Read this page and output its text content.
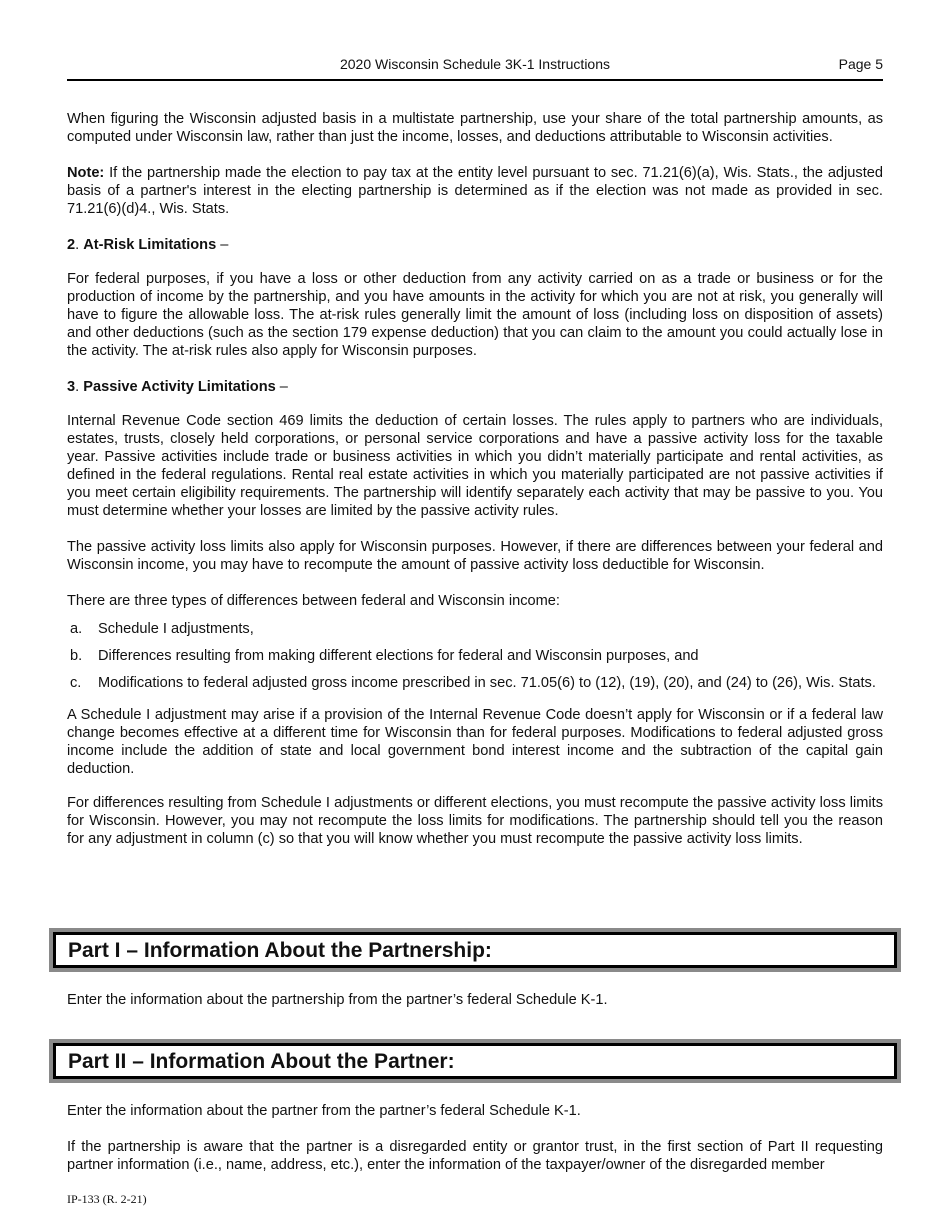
2020 Wisconsin Schedule 3K-1 Instructions	Page 5

When figuring the Wisconsin adjusted basis in a multistate partnership, use your share of the total partnership amounts, as computed under Wisconsin law, rather than just the income, losses, and deductions attributable to Wisconsin activities.

Note: If the partnership made the election to pay tax at the entity level pursuant to sec. 71.21(6)(a), Wis. Stats., the adjusted basis of a partner's interest in the electing partnership is determined as if the election was not made as provided in sec. 71.21(6)(d)4., Wis. Stats.

2. At-Risk Limitations –

For federal purposes, if you have a loss or other deduction from any activity carried on as a trade or business or for the production of income by the partnership, and you have amounts in the activity for which you are not at risk, you generally will have to figure the allowable loss. The at-risk rules generally limit the amount of loss (including loss on disposition of assets) and other deductions (such as the section 179 expense deduction) that you can claim to the amount you could actually lose in the activity. The at-risk rules also apply for Wisconsin purposes.

3. Passive Activity Limitations –

Internal Revenue Code section 469 limits the deduction of certain losses. The rules apply to partners who are individuals, estates, trusts, closely held corporations, or personal service corporations and have a passive activity loss for the taxable year. Passive activities include trade or business activities in which you didn’t materially participate and rental activities, as defined in the federal regulations. Rental real estate activities in which you materially participated are not passive activities if you meet certain eligibility requirements. The partnership will identify separately each activity that may be passive to you. You must determine whether your losses are limited by the passive activity rules.

The passive activity loss limits also apply for Wisconsin purposes. However, if there are differences between your federal and Wisconsin income, you may have to recompute the amount of passive activity loss deductible for Wisconsin.

There are three types of differences between federal and Wisconsin income:

a.	Schedule I adjustments,
b.	Differences resulting from making different elections for federal and Wisconsin purposes, and
c.	Modifications to federal adjusted gross income prescribed in sec. 71.05(6) to (12), (19), (20), and (24) to (26), Wis. Stats.

A Schedule I adjustment may arise if a provision of the Internal Revenue Code doesn’t apply for Wisconsin or if a federal law change becomes effective at a different time for Wisconsin than for federal purposes. Modifications to federal adjusted gross income include the addition of state and local government bond interest income and the subtraction of the capital gain deduction.

For differences resulting from Schedule I adjustments or different elections, you must recompute the passive activity loss limits for Wisconsin. However, you may not recompute the loss limits for modifications. The partnership should tell you the reason for any adjustment in column (c) so that you will know whether you must recompute the passive activity loss limits.

Part I – Information About the Partnership:

Enter the information about the partnership from the partner’s federal Schedule K-1.

Part II – Information About the Partner:

Enter the information about the partner from the partner’s federal Schedule K-1.

If the partnership is aware that the partner is a disregarded entity or grantor trust, in the first section of Part II requesting partner information (i.e., name, address, etc.), enter the information of the taxpayer/owner of the disregarded member

IP-133 (R. 2-21)
